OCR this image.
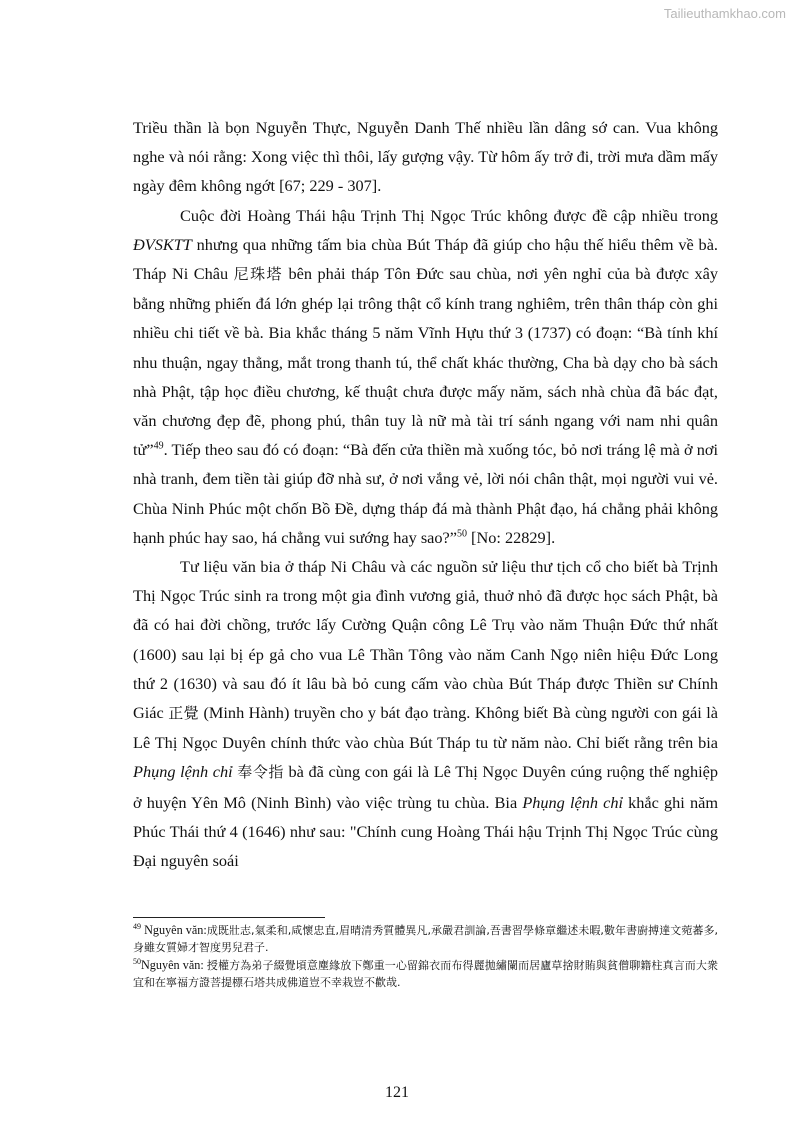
Tailieuthamkhao.com

Triều thần là bọn Nguyễn Thực, Nguyễn Danh Thế nhiều lần dâng sớ can. Vua không nghe và nói rằng: Xong việc thì thôi, lấy gượng vậy. Từ hôm ấy trở đi, trời mưa dầm mấy ngày đêm không ngớt [67; 229 - 307].

Cuộc đời Hoàng Thái hậu Trịnh Thị Ngọc Trúc không được đề cập nhiều trong ĐVSKTT nhưng qua những tấm bia chùa Bút Tháp đã giúp cho hậu thế hiểu thêm về bà. Tháp Ni Châu 尼珠塔 bên phải tháp Tôn Đức sau chùa, nơi yên nghỉ của bà được xây bằng những phiến đá lớn ghép lại trông thật cổ kính trang nghiêm, trên thân tháp còn ghi nhiều chi tiết về bà. Bia khắc tháng 5 năm Vĩnh Hựu thứ 3 (1737) có đoạn: “Bà tính khí nhu thuận, ngay thẳng, mắt trong thanh tú, thể chất khác thường, Cha bà dạy cho bà sách nhà Phật, tập học điều chương, kế thuật chưa được mấy năm, sách nhà chùa đã bác đạt, văn chương đẹp đẽ, phong phú, thân tuy là nữ mà tài trí sánh ngang với nam nhi quân tử”$^{49}$. Tiếp theo sau đó có đoạn: “Bà đến cửa thiền mà xuống tóc, bỏ nơi tráng lệ mà ở nơi nhà tranh, đem tiền tài giúp đỡ nhà sư, ở nơi vắng vẻ, lời nói chân thật, mọi người vui vẻ. Chùa Ninh Phúc một chốn Bồ Đề, dựng tháp đá mà thành Phật đạo, há chẳng phải không hạnh phúc hay sao, há chẳng vui sướng hay sao?”$^{50}$ [No: 22829].

Tư liệu văn bia ở tháp Ni Châu và các nguồn sử liệu thư tịch cổ cho biết bà Trịnh Thị Ngọc Trúc sinh ra trong một gia đình vương giả, thuở nhỏ đã được học sách Phật, bà đã có hai đời chồng, trước lấy Cường Quận công Lê Trụ vào năm Thuận Đức thứ nhất (1600) sau lại bị ép gả cho vua Lê Thần Tông vào năm Canh Ngọ niên hiệu Đức Long thứ 2 (1630) và sau đó ít lâu bà bỏ cung cấm vào chùa Bút Tháp được Thiền sư Chính Giác 正覺 (Minh Hành) truyền cho y bát đạo tràng. Không biết Bà cùng người con gái là Lê Thị Ngọc Duyên chính thức vào chùa Bút Tháp tu từ năm nào. Chỉ biết rằng trên bia Phụng lệnh chỉ 奉令指 bà đã cùng con gái là Lê Thị Ngọc Duyên cúng ruộng thế nghiệp ở huyện Yên Mô (Ninh Bình) vào việc trùng tu chùa. Bia Phụng lệnh chỉ khắc ghi năm Phúc Thái thứ 4 (1646) như sau: "Chính cung Hoàng Thái hậu Trịnh Thị Ngọc Trúc cùng Đại nguyên soái

$^{49}$ Nguyên văn:成既壯志,氣柔和,咸懷忠直,眉晴清秀質體異凡,承嚴君訓論,吾書習學條章繼述未暇,數年書廚搏達文菀蕃多,身雖女質婦才智度男兒君子.

$^{50}$Nguyên văn: 授權方為弟子綴覺頃意塵緣放下鄭重一心留錦衣而布得麗拋繡闌而居廬草捨財賄與貧僧聊籍柱真言而大衆宜和在寧福方證菩提標石塔共成佛道豈不幸栽豈不歡哉.

121
